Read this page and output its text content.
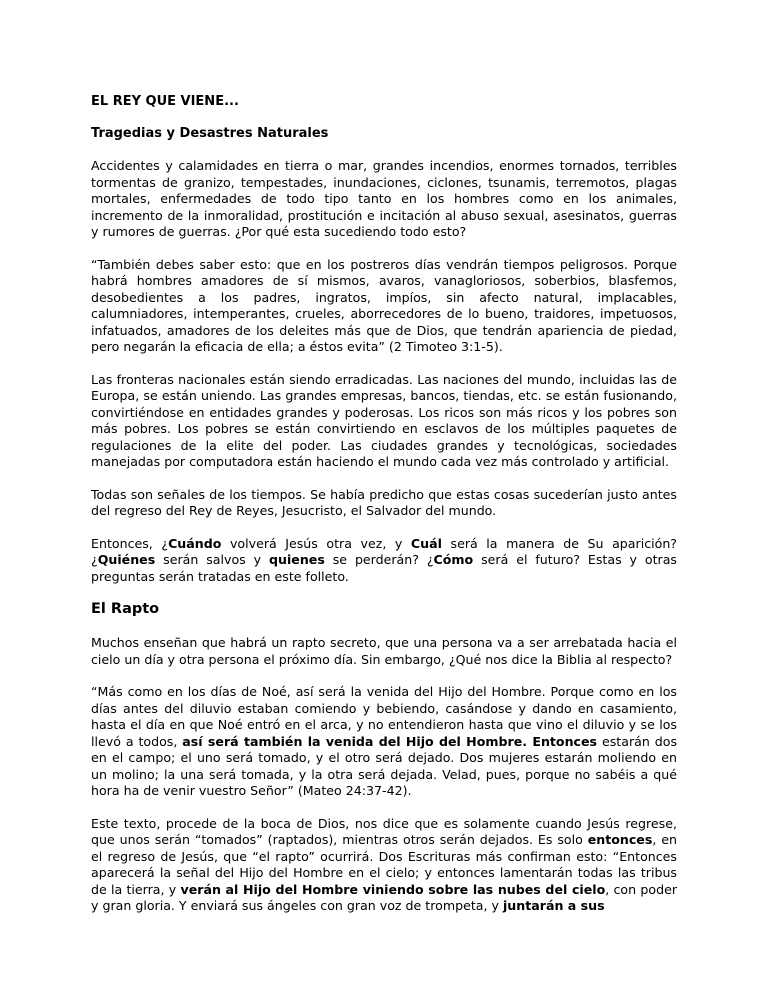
EL REY QUE VIENE...
Tragedias y Desastres Naturales

Accidentes y calamidades en tierra o mar, grandes incendios, enormes tornados, terribles tormentas de granizo, tempestades, inundaciones, ciclones, tsunamis, terremotos, plagas mortales, enfermedades de todo tipo tanto en los hombres como en los animales, incremento de la inmoralidad, prostitución e incitación al abuso sexual, asesinatos, guerras y rumores de guerras. ¿Por qué esta sucediendo todo esto?

“También debes saber esto: que en los postreros días vendrán tiempos peligrosos. Porque habrá hombres amadores de sí mismos, avaros, vanagloriosos, soberbios, blasfemos, desobedientes a los padres, ingratos, impíos, sin afecto natural, implacables, calumniadores, intemperantes, crueles, aborrecedores de lo bueno, traidores, impetuosos, infatuados, amadores de los deleites más que de Dios, que tendrán apariencia de piedad, pero negarán la eficacia de ella; a éstos evita” (2 Timoteo 3:1-5).

Las fronteras nacionales están siendo erradicadas. Las naciones del mundo, incluidas las de Europa, se están uniendo. Las grandes empresas, bancos, tiendas, etc. se están fusionando, convirtiéndose en entidades grandes y poderosas. Los ricos son más ricos y los pobres son más pobres. Los pobres se están convirtiendo en esclavos de los múltiples paquetes de regulaciones de la elite del poder. Las ciudades grandes y tecnológicas, sociedades manejadas por computadora están haciendo el mundo cada vez más controlado y artificial.

Todas son señales de los tiempos. Se había predicho que estas cosas sucederían justo antes del regreso del Rey de Reyes, Jesucristo, el Salvador del mundo.

Entonces, ¿Cuándo volverá Jesús otra vez, y Cuál será la manera de Su aparición? ¿Quiénes serán salvos y quienes se perderán? ¿Cómo será el futuro? Estas y otras preguntas serán tratadas en este folleto.

El Rapto

Muchos enseñan que habrá un rapto secreto, que una persona va a ser arrebatada hacia el cielo un día y otra persona el próximo día. Sin embargo, ¿Qué nos dice la Biblia al respecto?

“Más como en los días de Noé, así será la venida del Hijo del Hombre. Porque como en los días antes del diluvio estaban comiendo y bebiendo, casándose y dando en casamiento, hasta el día en que Noé entró en el arca, y no entendieron hasta que vino el diluvio y se los llevó a todos, así será también la venida del Hijo del Hombre. Entonces estarán dos en el campo; el uno será tomado, y el otro será dejado. Dos mujeres estarán moliendo en un molino; la una será tomada, y la otra será dejada. Velad, pues, porque no sabéis a qué hora ha de venir vuestro Señor” (Mateo 24:37-42).

Este texto, procede de la boca de Dios, nos dice que es solamente cuando Jesús regrese, que unos serán “tomados” (raptados), mientras otros serán dejados. Es solo entonces, en el regreso de Jesús, que “el rapto” ocurrirá. Dos Escrituras más confirman esto: “Entonces aparecerá la señal del Hijo del Hombre en el cielo; y entonces lamentarán todas las tribus de la tierra, y verán al Hijo del Hombre viniendo sobre las nubes del cielo, con poder y gran gloria. Y enviará sus ángeles con gran voz de trompeta, y juntarán a sus
